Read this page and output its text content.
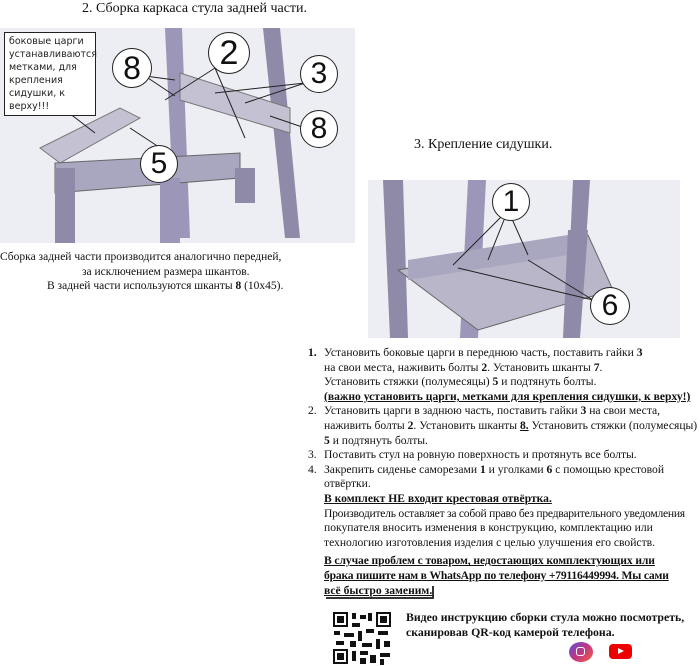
2. Сборка каркаса стула задней части.
боковые царги устанавливаются метками, для крепления сидушки, к верху!!!
8	2
3
8
5
Сборка задней части производится аналогично передней,
за исключением размера шкантов.
В задней части используются шканты 8 (10х45).
3. Крепление сидушки.
1
6
1. Установить боковые царги в переднюю часть, поставить гайки 3
на свои места, наживить болты 2. Установить шканты 7.
Установить стяжки (полумесяцы) 5 и подтянуть болты.
(важно установить царги, метками для крепления сидушки, к верху!)
2. Установить царги в заднюю часть, поставить гайки 3 на свои места,
наживить болты 2. Установить шканты 8. Установить стяжки (полумесяцы)
5 и подтянуть болты.
3. Поставить стул на ровную поверхность и протянуть все болты.
4. Закрепить сиденье саморезами 1 и уголками 6 с помощью крестовой
отвёртки.
В комплект НЕ входит крестовая отвёртка.
Производитель оставляет за собой право без предварительного уведомления
покупателя вносить изменения в конструкцию, комплектацию или
технологию изготовления изделия с целью улучшения его свойств.
В случае проблем с товаром, недостающих комплектующих или
брака пишите нам в WhatsApp по телефону +79116449994. Мы сами
всё быстро заменим.
Видео инструкцию сборки стула можно посмотреть,
сканировав QR-код камерой телефона.
